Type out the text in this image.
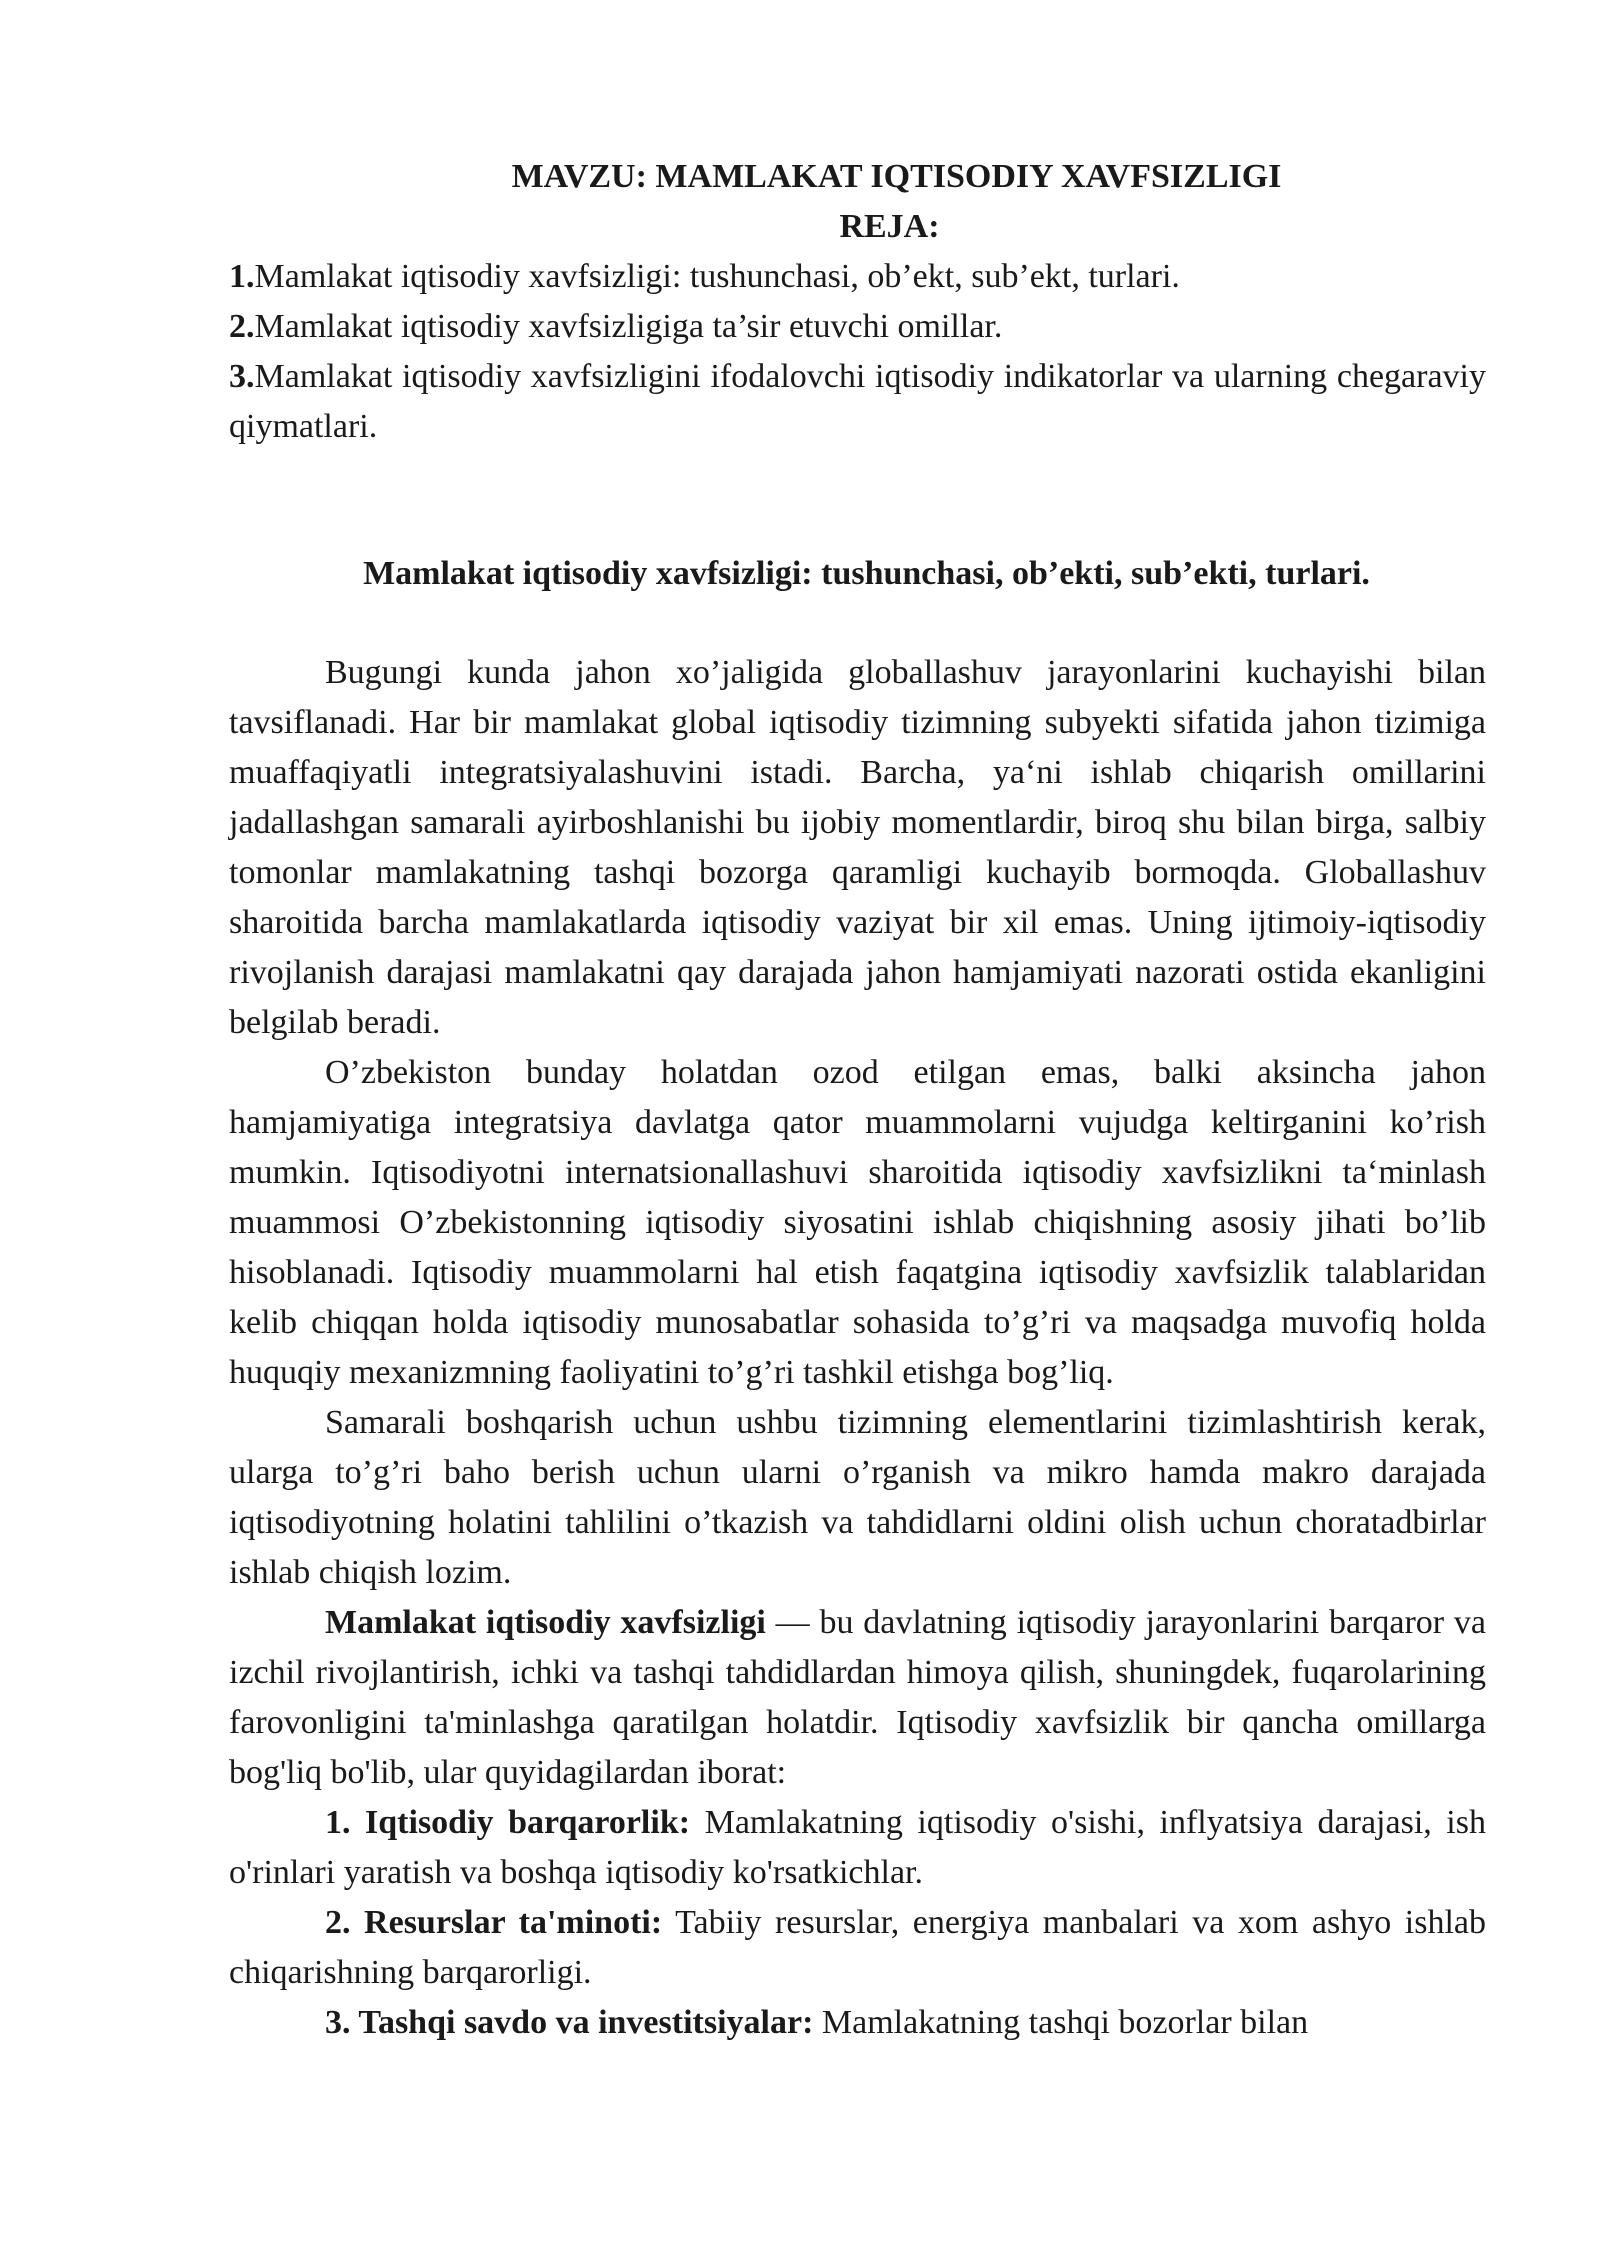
MAVZU: MAMLAKAT IQTISODIY XAVFSIZLIGI

REJA:

1.Mamlakat iqtisodiy xavfsizligi: tushunchasi, ob’ekt, sub’ekt, turlari.
2.Mamlakat iqtisodiy xavfsizligiga ta’sir etuvchi omillar.
3.Mamlakat iqtisodiy xavfsizligini ifodalovchi iqtisodiy indikatorlar va ularning chegaraviy qiymatlari.

Mamlakat iqtisodiy xavfsizligi: tushunchasi, ob’ekti, sub’ekti, turlari.

Bugungi kunda jahon xo’jaligida globallashuv jarayonlarini kuchayishi bilan tavsiflanadi. Har bir mamlakat global iqtisodiy tizimning subyekti sifatida jahon tizimiga muaffaqiyatli integratsiyalashuvini istadi. Barcha, ya‘ni ishlab chiqarish omillarini jadallashgan samarali ayirboshlanishi bu ijobiy momentlardir, biroq shu bilan birga, salbiy tomonlar mamlakatning tashqi bozorga qaramligi kuchayib bormoqda. Globallashuv sharoitida barcha mamlakatlarda iqtisodiy vaziyat bir xil emas. Uning ijtimoiy-iqtisodiy rivojlanish darajasi mamlakatni qay darajada jahon hamjamiyati nazorati ostida ekanligini belgilab beradi.

O’zbekiston bunday holatdan ozod etilgan emas, balki aksincha jahon hamjamiyatiga integratsiya davlatga qator muammolarni vujudga keltirganini ko’rish mumkin. Iqtisodiyotni internatsionallashuvi sharoitida iqtisodiy xavfsizlikni ta‘minlash muammosi O’zbekistonning iqtisodiy siyosatini ishlab chiqishning asosiy jihati bo’lib hisoblanadi. Iqtisodiy muammolarni hal etish faqatgina iqtisodiy xavfsizlik talablaridan kelib chiqqan holda iqtisodiy munosabatlar sohasida to’g’ri va maqsadga muvofiq holda huquqiy mexanizmning faoliyatini to’g’ri tashkil etishga bog’liq.

Samarali boshqarish uchun ushbu tizimning elementlarini tizimlashtirish kerak, ularga to’g’ri baho berish uchun ularni o’rganish va mikro hamda makro darajada iqtisodiyotning holatini tahlilini o’tkazish va tahdidlarni oldini olish uchun choratadbirlar ishlab chiqish lozim.

Mamlakat iqtisodiy xavfsizligi — bu davlatning iqtisodiy jarayonlarini barqaror va izchil rivojlantirish, ichki va tashqi tahdidlardan himoya qilish, shuningdek, fuqarolarining farovonligini ta'minlashga qaratilgan holatdir. Iqtisodiy xavfsizlik bir qancha omillarga bog'liq bo'lib, ular quyidagilardan iborat:

1. Iqtisodiy barqarorlik: Mamlakatning iqtisodiy o'sishi, inflyatsiya darajasi, ish o'rinlari yaratish va boshqa iqtisodiy ko'rsatkichlar.

2. Resurslar ta'minoti: Tabiiy resurslar, energiya manbalari va xom ashyo ishlab chiqarishning barqarorligi.

3. Tashqi savdo va investitsiyalar: Mamlakatning tashqi bozorlar bilan
